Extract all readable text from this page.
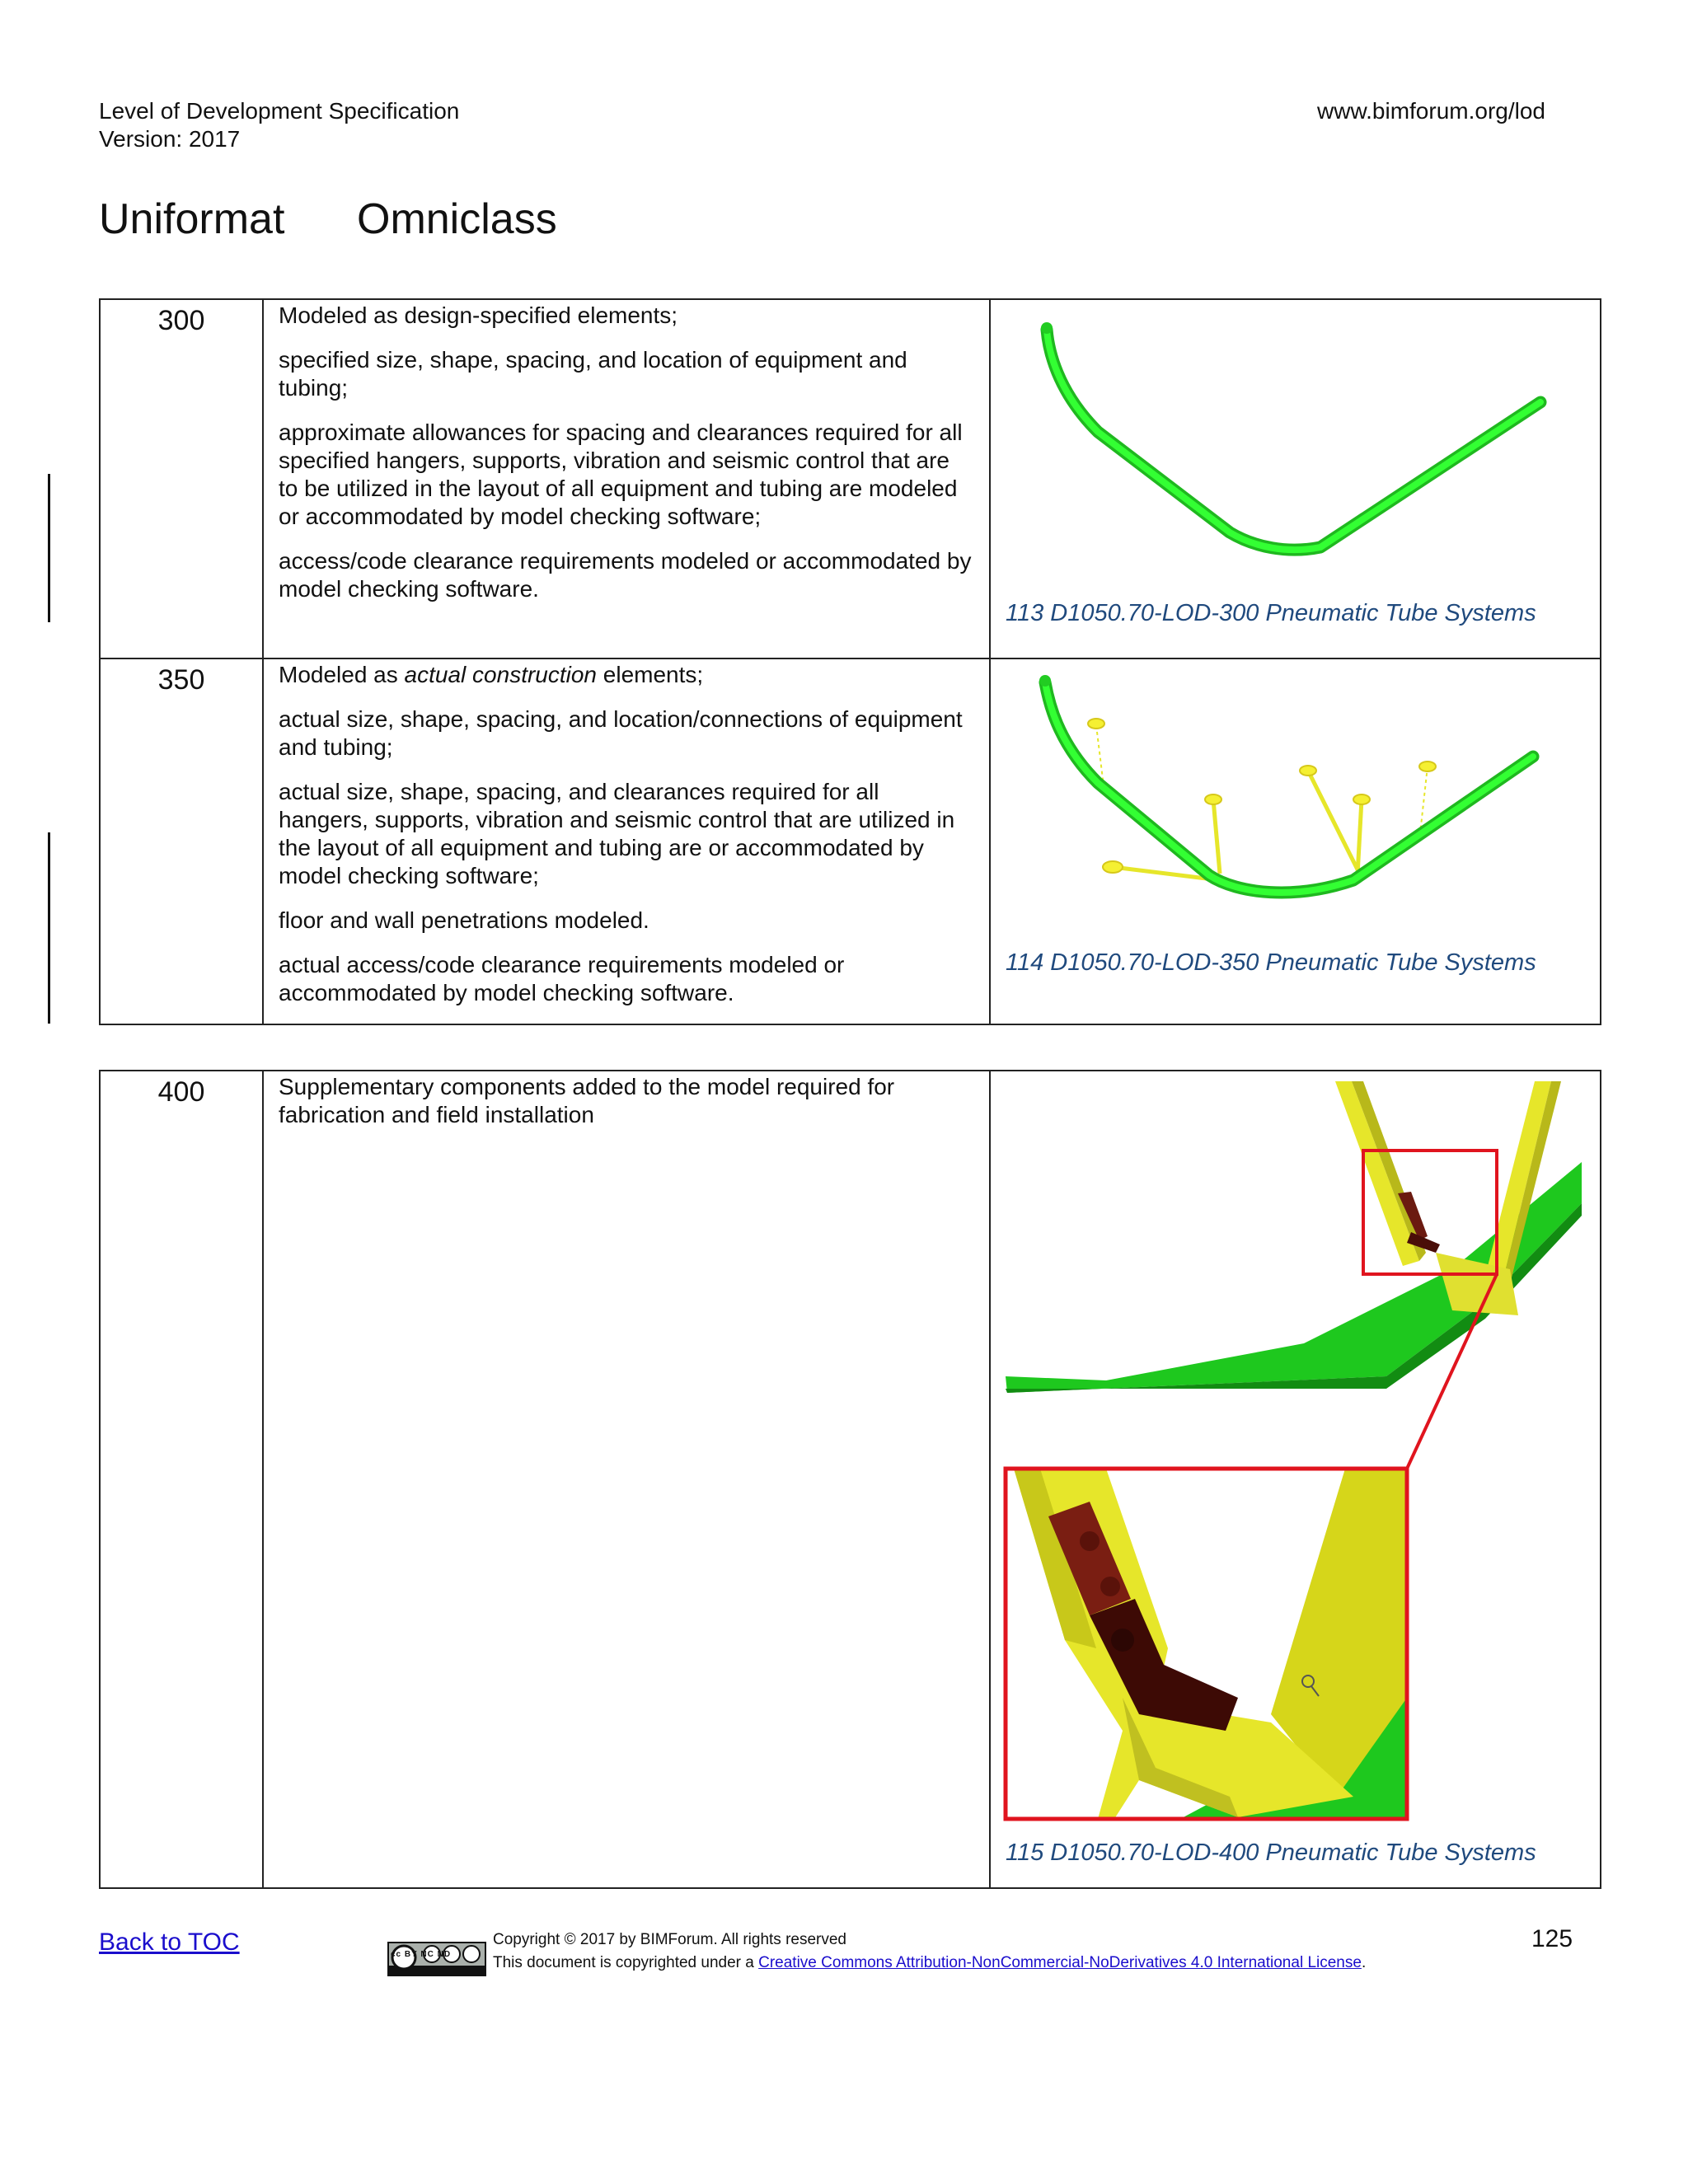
Level of Development Specification
Version: 2017
www.bimforum.org/lod
Uniformat Omniclass
300	Modeled as design-specified elements;

specified size, shape, spacing, and location of equipment and tubing;

approximate allowances for spacing and clearances required for all specified hangers, supports, vibration and seismic control that are to be utilized in the layout of all equipment and tubing are modeled or accommodated by model checking software;

access/code clearance requirements modeled or accommodated by model checking software.	113 D1050.70-LOD-300 Pneumatic Tube Systems

350	Modeled as actual construction elements;

actual size, shape, spacing, and location/connections of equipment and tubing;

actual size, shape, spacing, and clearances required for all hangers, supports, vibration and seismic control that are utilized in the layout of all equipment and tubing are or accommodated by model checking software;

floor and wall penetrations modeled.

actual access/code clearance requirements modeled or accommodated by model checking software.	114 D1050.70-LOD-350 Pneumatic Tube Systems
400	Supplementary components added to the model required for fabrication and field installation

115 D1050.70-LOD-400 Pneumatic Tube Systems
Back to TOC	cc BY NC ND
Copyright © 2017 by BIMForum. All rights reserved
This document is copyrighted under a Creative Commons Attribution-NonCommercial-NoDerivatives 4.0 International License.
125
